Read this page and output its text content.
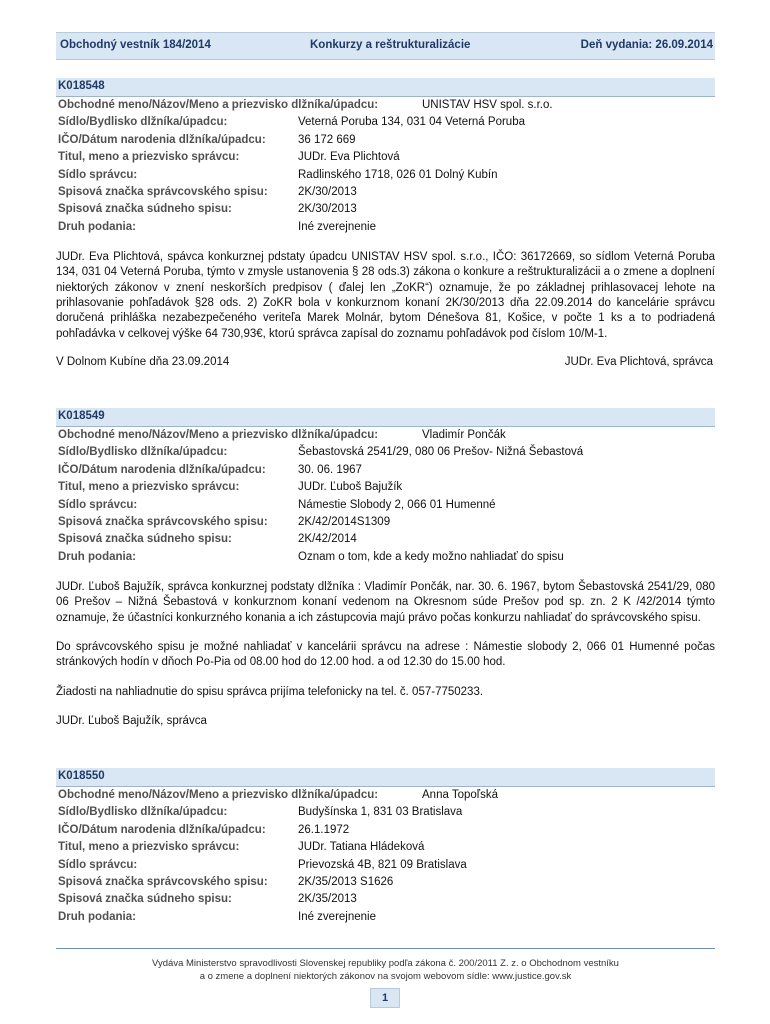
Obchodný vestník 184/2014	Konkurzy a reštrukturalizácie	Deň vydania: 26.09.2014
K018548
Obchodné meno/Názov/Meno a priezvisko dlžníka/úpadcu:	UNISTAV HSV spol. s.r.o.
Sídlo/Bydlisko dlžníka/úpadcu:	Veterná Poruba 134, 031 04 Veterná Poruba
IČO/Dátum narodenia dlžníka/úpadcu:	36 172 669
Titul, meno a priezvisko správcu:	JUDr. Eva Plichtová
Sídlo správcu:	Radlinského 1718, 026 01 Dolný Kubín
Spisová značka správcovského spisu:	2K/30/2013
Spisová značka súdneho spisu:	2K/30/2013
Druh podania:	Iné zverejnenie

JUDr. Eva Plichtová, spávca konkurznej pdstaty úpadcu UNISTAV HSV spol. s.r.o., IČO: 36172669, so sídlom Veterná Poruba 134, 031 04 Veterná Poruba, týmto v zmysle ustanovenia § 28 ods.3) zákona o konkure a reštrukturalizácii a o zmene a doplnení niektorých zákonov v znení neskorších predpisov ( ďalej len „ZoKR“) oznamuje, že po základnej prihlasovacej lehote na prihlasovanie pohľadávok §28 ods. 2) ZoKR bola v konkurznom konaní 2K/30/2013 dňa 22.09.2014 do kancelárie správcu doručená prihláška nezabezpečeného veriteľa Marek Molnár, bytom Dénešova 81, Košice, v počte 1 ks a to podriadená pohľadávka v celkovej výške 64 730,93€, ktorú správca zapísal do zoznamu pohľadávok pod číslom 10/M-1.

V Dolnom Kubíne dňa 23.09.2014	JUDr. Eva Plichtová, správca
K018549
Obchodné meno/Názov/Meno a priezvisko dlžníka/úpadcu:	Vladimír Pončák
Sídlo/Bydlisko dlžníka/úpadcu:	Šebastovská 2541/29, 080 06 Prešov- Nižná Šebastová
IČO/Dátum narodenia dlžníka/úpadcu:	30. 06. 1967
Titul, meno a priezvisko správcu:	JUDr. Ľuboš Bajužík
Sídlo správcu:	Námestie Slobody 2, 066 01 Humenné
Spisová značka správcovského spisu:	2K/42/2014S1309
Spisová značka súdneho spisu:	2K/42/2014
Druh podania:	Oznam o tom, kde a kedy možno nahliadať do spisu

JUDr. Ľuboš Bajužík, správca konkurznej podstaty dlžníka : Vladimír Pončák, nar. 30. 6. 1967, bytom Šebastovská 2541/29, 080 06 Prešov – Nižná Šebastová v konkurznom konaní vedenom na Okresnom súde Prešov pod sp. zn. 2 K /42/2014 týmto oznamuje, že účastníci konkurzného konania a ich zástupcovia majú právo počas konkurzu nahliadať do správcovského spisu.

Do správcovského spisu je možné nahliadať v kancelárii správcu na adrese : Námestie slobody 2, 066 01 Humenné počas stránkových hodín v dňoch Po-Pia od 08.00 hod do 12.00 hod. a od 12.30 do 15.00 hod.

Žiadosti na nahliadnutie do spisu správca prijíma telefonicky na tel. č. 057-7750233.

JUDr. Ľuboš Bajužík, správca

K018550
Obchodné meno/Názov/Meno a priezvisko dlžníka/úpadcu:	Anna Topoľská
Sídlo/Bydlisko dlžníka/úpadcu:	Budyšínska 1, 831 03 Bratislava
IČO/Dátum narodenia dlžníka/úpadcu:	26.1.1972
Titul, meno a priezvisko správcu:	JUDr. Tatiana Hládeková
Sídlo správcu:	Prievozská 4B, 821 09 Bratislava
Spisová značka správcovského spisu:	2K/35/2013 S1626
Spisová značka súdneho spisu:	2K/35/2013
Druh podania:	Iné zverejnenie
Vydáva Ministerstvo spravodlivosti Slovenskej republiky podľa zákona č. 200/2011 Z. z. o Obchodnom vestníku
a o zmene a doplnení niektorých zákonov na svojom webovom sídle: www.justice.gov.sk
1
